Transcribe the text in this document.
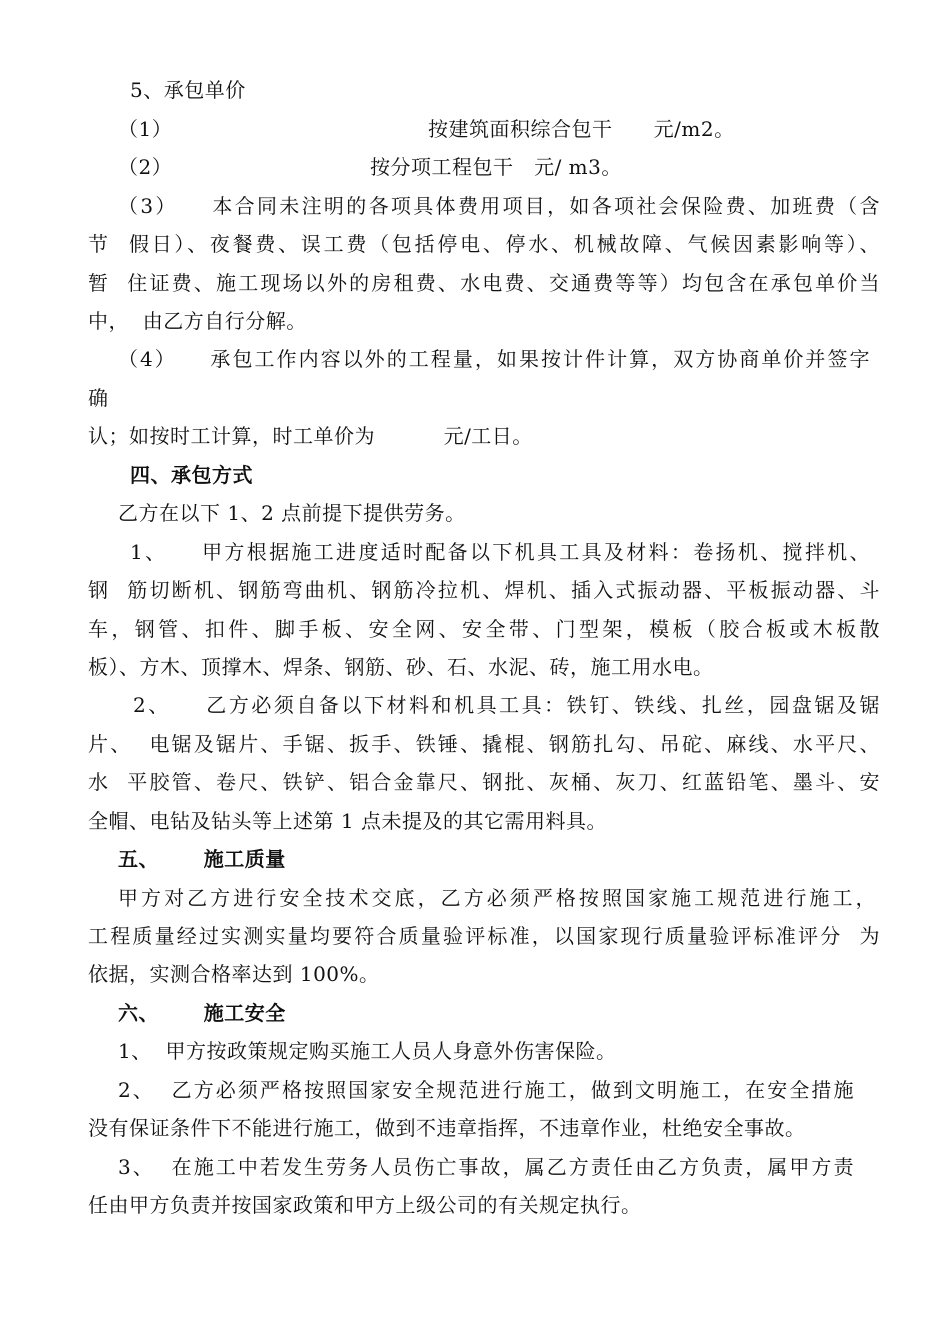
5、承包单价
（1）	按建筑面积综合包干      元/m2。
（2）	按分项工程包干   元/ m3。
（3）    本合同未注明的各项具体费用项目，如各项社会保险费、加班费（含
节  假日）、夜餐费、误工费（包括停电、停水、机械故障、气候因素影响等）、
暂  住证费、施工现场以外的房租费、水电费、交通费等等）均包含在承包单价当
中，  由乙方自行分解。
（4）    承包工作内容以外的工程量，如果按计件计算，双方协商单价并签字
确
认；如按时工计算，时工单价为          元/工日。
四、承包方式
乙方在以下 1、2 点前提下提供劳务。
1、    甲方根据施工进度适时配备以下机具工具及材料：卷扬机、搅拌机、
钢  筋切断机、钢筋弯曲机、钢筋冷拉机、焊机、插入式振动器、平板振动器、斗
车，钢管、扣件、脚手板、安全网、安全带、门型架，模板（胶合板或木板散
板）、方木、顶撑木、焊条、钢筋、砂、石、水泥、砖，施工用水电。
2、    乙方必须自备以下材料和机具工具：铁钉、铁线、扎丝，园盘锯及锯
片、  电锯及锯片、手锯、扳手、铁锤、撬棍、钢筋扎勾、吊砣、麻线、水平尺、
水  平胶管、卷尺、铁铲、铝合金靠尺、钢批、灰桶、灰刀、红蓝铅笔、墨斗、安
全帽、电钻及钻头等上述第 1 点未提及的其它需用料具。
五、      施工质量
甲方对乙方进行安全技术交底，乙方必须严格按照国家施工规范进行施工，
工程质量经过实测实量均要符合质量验评标准，以国家现行质量验评标准评分  为
依据，实测合格率达到 100%。
六、      施工安全
1、  甲方按政策规定购买施工人员人身意外伤害保险。
2、  乙方必须严格按照国家安全规范进行施工，做到文明施工，在安全措施
没有保证条件下不能进行施工，做到不违章指挥，不违章作业，杜绝安全事故。
3、  在施工中若发生劳务人员伤亡事故，属乙方责任由乙方负责，属甲方责
任由甲方负责并按国家政策和甲方上级公司的有关规定执行。
